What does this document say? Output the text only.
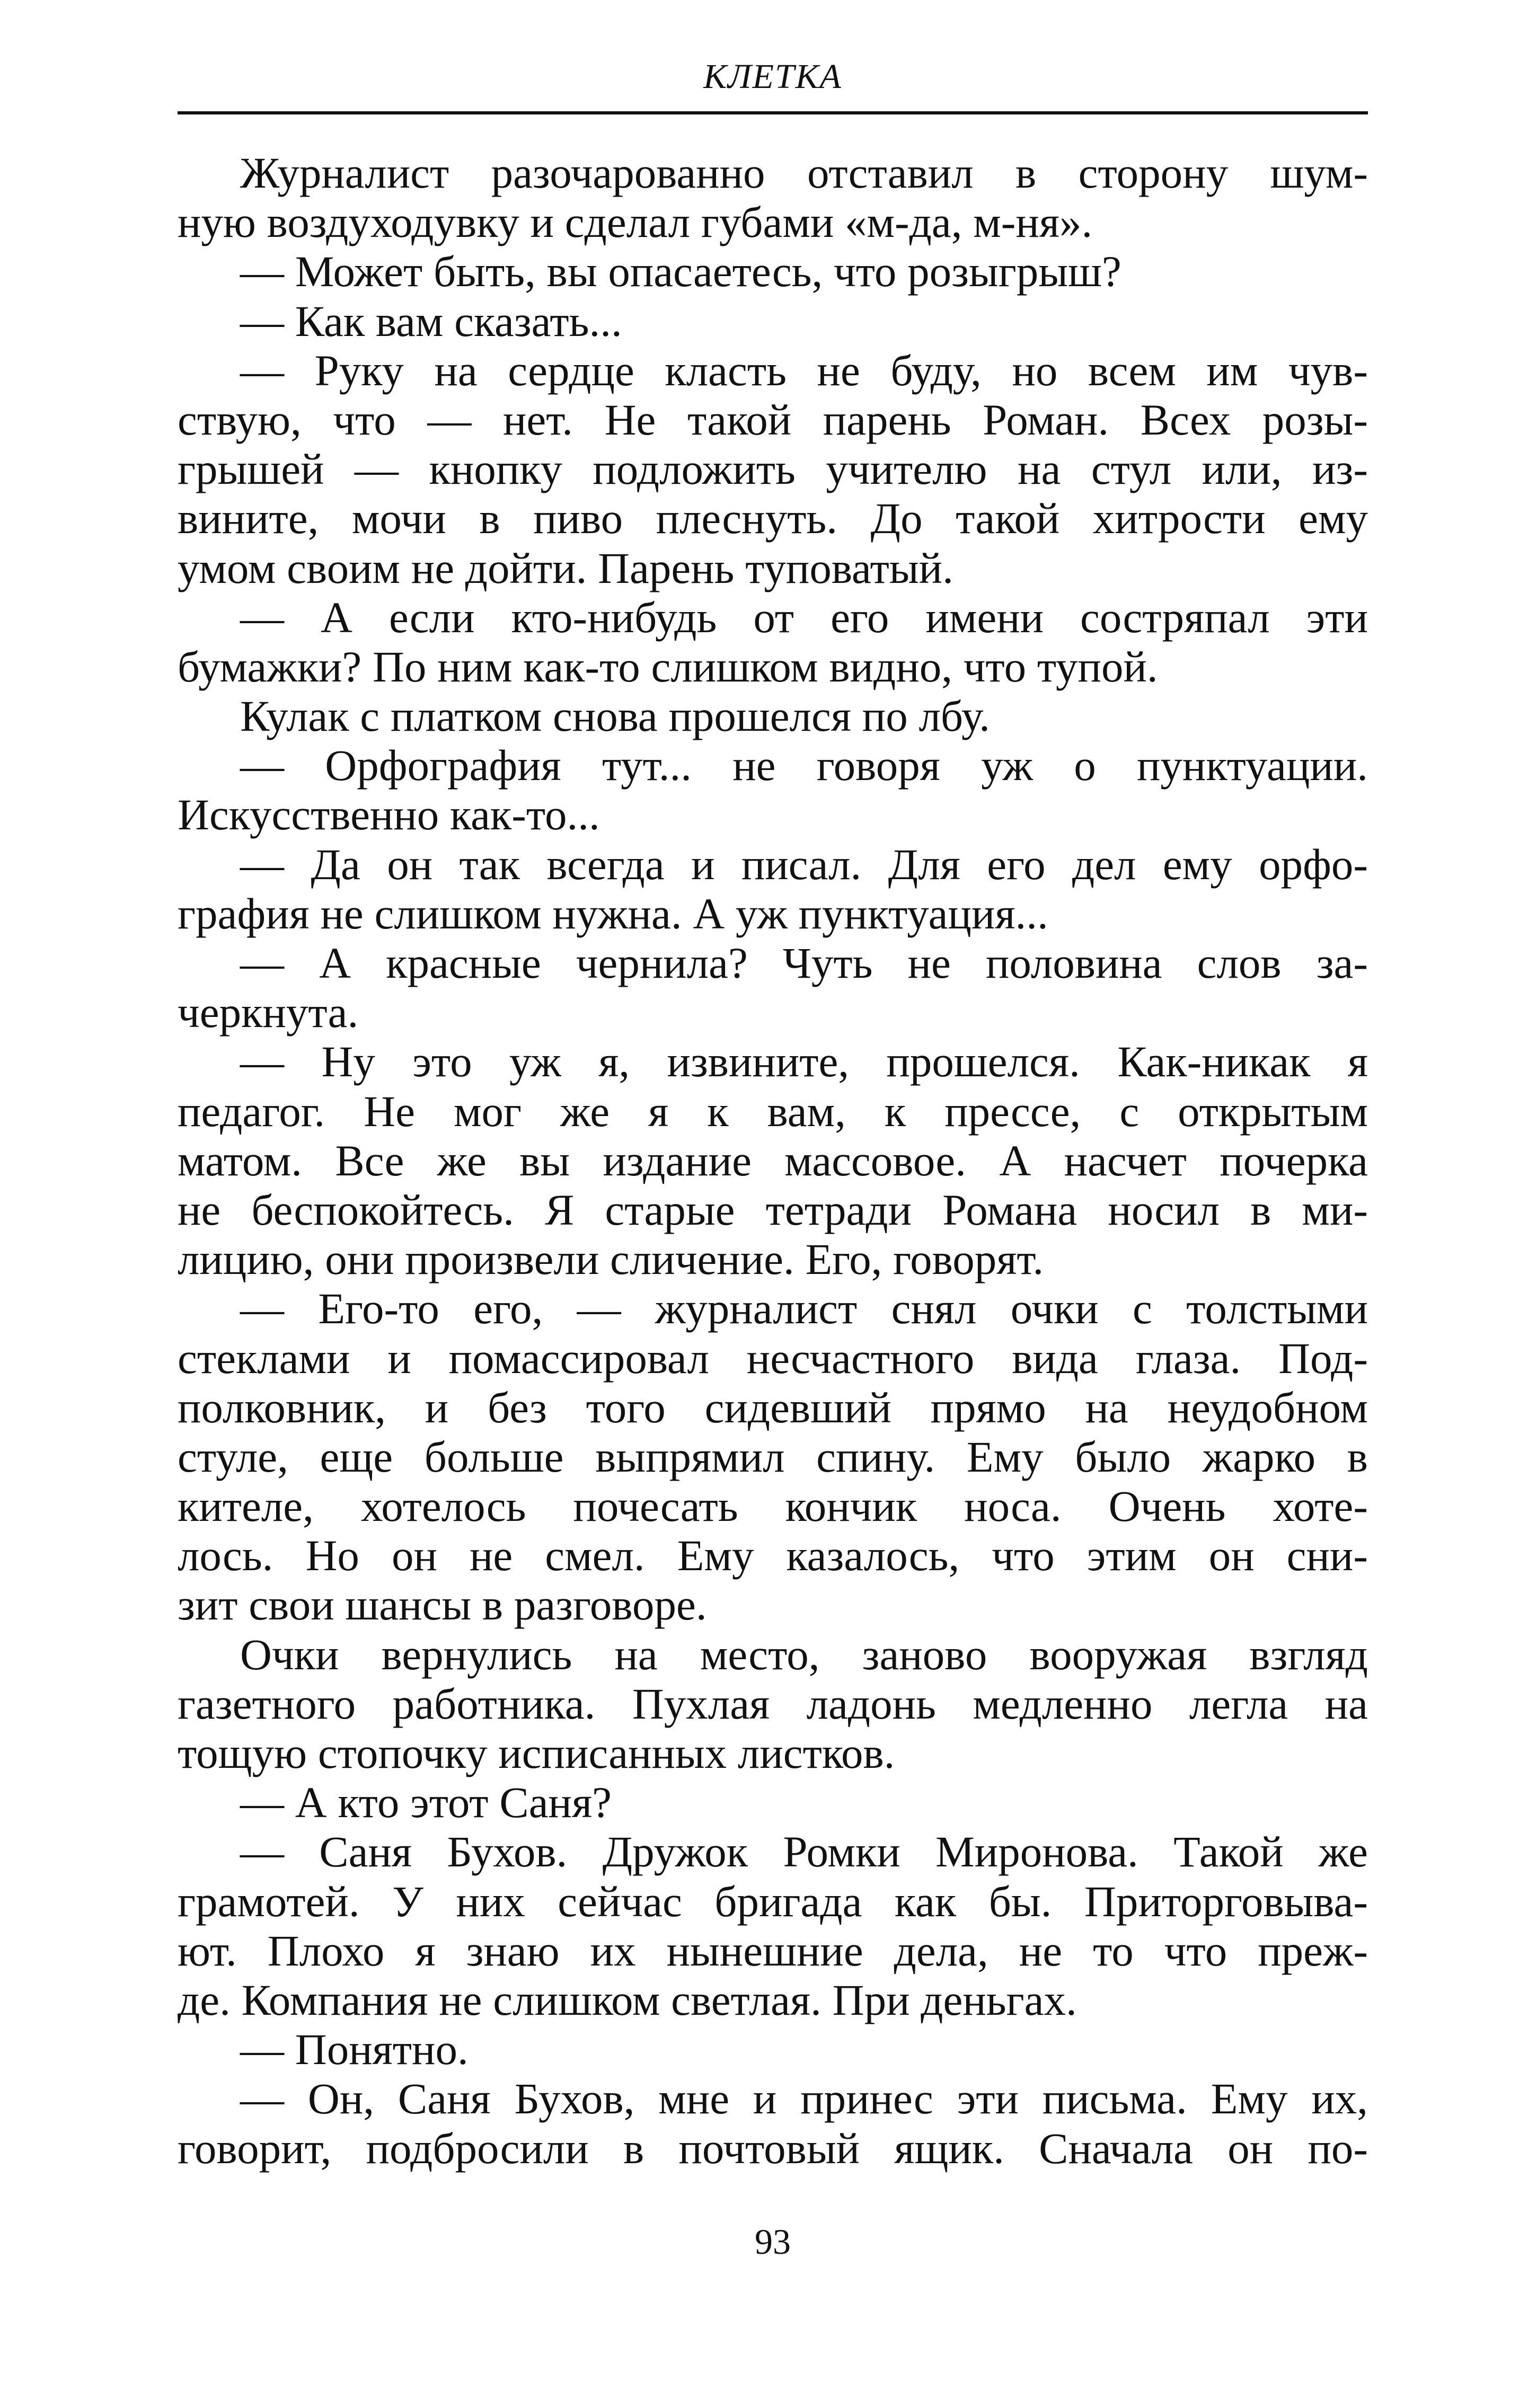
КЛЕТКА
Журналист разочарованно отставил в сторону шум-
ную воздуходувку и сделал губами «м-да, м-ня».
— Может быть, вы опасаетесь, что розыгрыш?
— Как вам сказать...
— Руку на сердце класть не буду, но всем им чув-
ствую, что — нет. Не такой парень Роман. Всех розы-
грышей — кнопку подложить учителю на стул или, из-
вините, мочи в пиво плеснуть. До такой хитрости ему
умом своим не дойти. Парень туповатый.
— А если кто-нибудь от его имени состряпал эти
бумажки? По ним как-то слишком видно, что тупой.
Кулак с платком снова прошелся по лбу.
— Орфография тут... не говоря уж о пунктуации.
Искусственно как-то...
— Да он так всегда и писал. Для его дел ему орфо-
графия не слишком нужна. А уж пунктуация...
— А красные чернила? Чуть не половина слов за-
черкнута.
— Ну это уж я, извините, прошелся. Как-никак я
педагог. Не мог же я к вам, к прессе, с открытым
матом. Все же вы издание массовое. А насчет почерка
не беспокойтесь. Я старые тетради Романа носил в ми-
лицию, они произвели сличение. Его, говорят.
— Его-то его, — журналист снял очки с толстыми
стеклами и помассировал несчастного вида глаза. Под-
полковник, и без того сидевший прямо на неудобном
стуле, еще больше выпрямил спину. Ему было жарко в
кителе, хотелось почесать кончик носа. Очень хоте-
лось. Но он не смел. Ему казалось, что этим он сни-
зит свои шансы в разговоре.
Очки вернулись на место, заново вооружая взгляд
газетного работника. Пухлая ладонь медленно легла на
тощую стопочку исписанных листков.
— А кто этот Саня?
— Саня Бухов. Дружок Ромки Миронова. Такой же
грамотей. У них сейчас бригада как бы. Приторговыва-
ют. Плохо я знаю их нынешние дела, не то что преж-
де. Компания не слишком светлая. При деньгах.
— Понятно.
— Он, Саня Бухов, мне и принес эти письма. Ему их,
говорит, подбросили в почтовый ящик. Сначала он по-
93
